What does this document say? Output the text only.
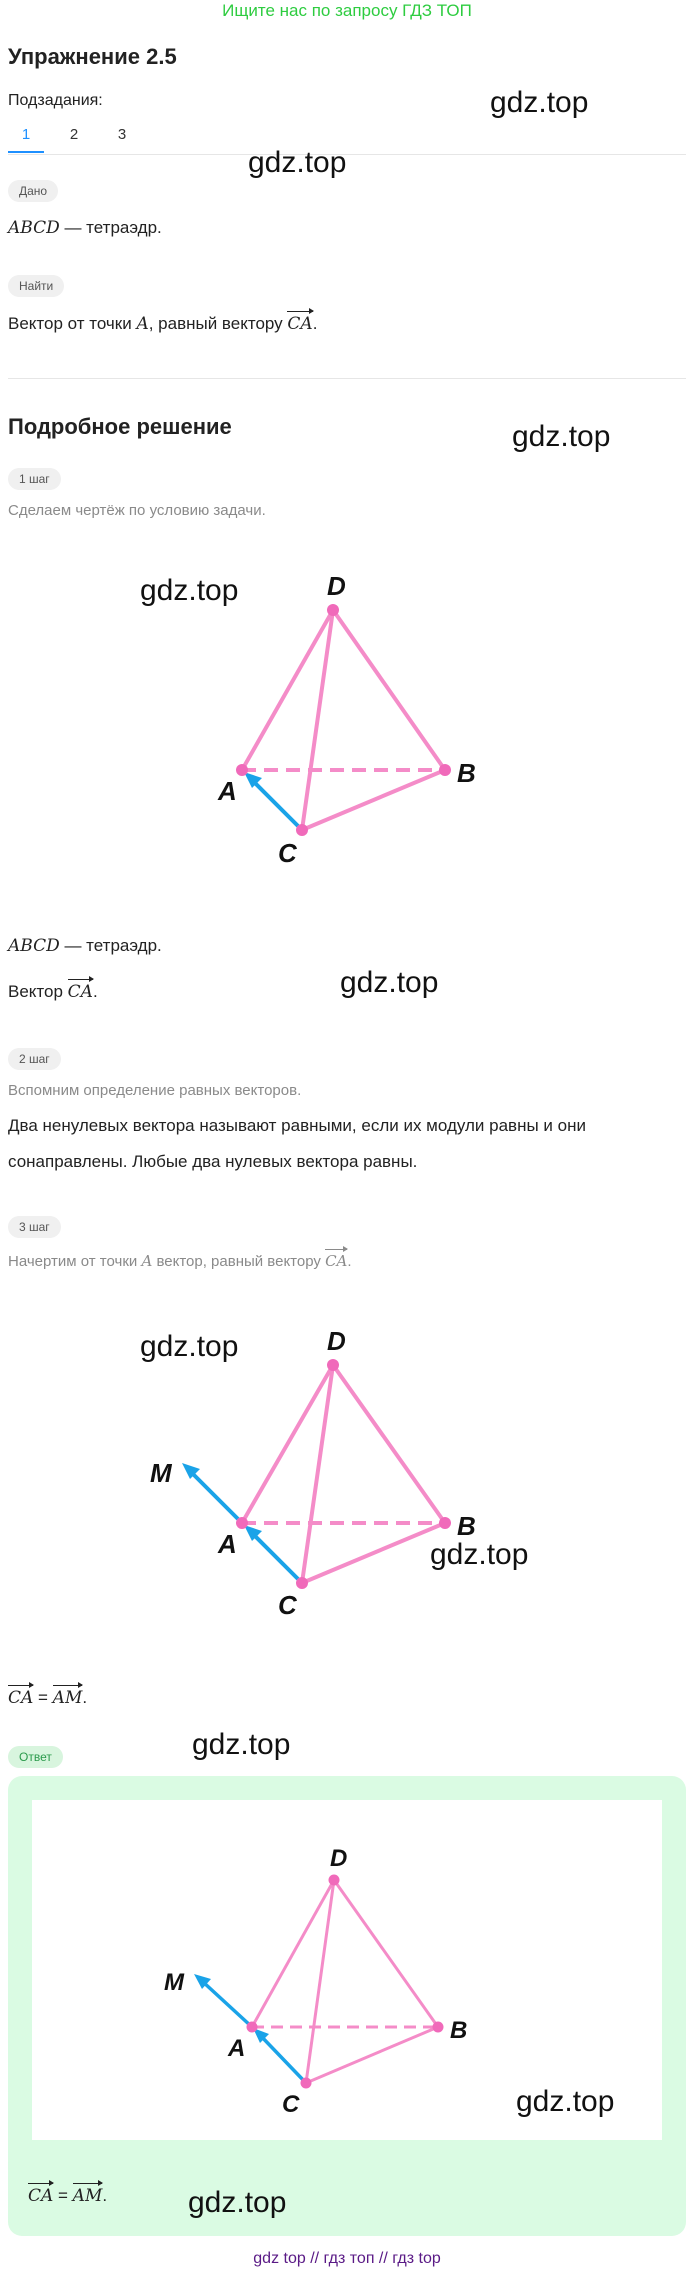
Ищите нас по запросу ГДЗ ТОП
Упражнение 2.5
Подзадания:
1	2	3
gdz.top
gdz.top
Дано
ABCD — тетраэдр.
Найти
Вектор от точки A, равный вектору CA.
Подробное решение	gdz.top
1 шаг
Сделаем чертёж по условию задачи.
gdz.top	D
A
B
C
ABCD — тетраэдр.
Вектор CA.	gdz.top
2 шаг
Вспомним определение равных векторов.
Два ненулевых вектора называют равными, если их модули равны и они
сонаправлены. Любые два нулевых вектора равны.
3 шаг
Начертим от точки A вектор, равный вектору CA.
gdz.top	D
A
B
C
M
gdz.top
CA = AM.
gdz.top
Ответ
D
A
B
C
M
gdz.top
CA = AM.	gdz.top
gdz top // гдз топ // гдз top
